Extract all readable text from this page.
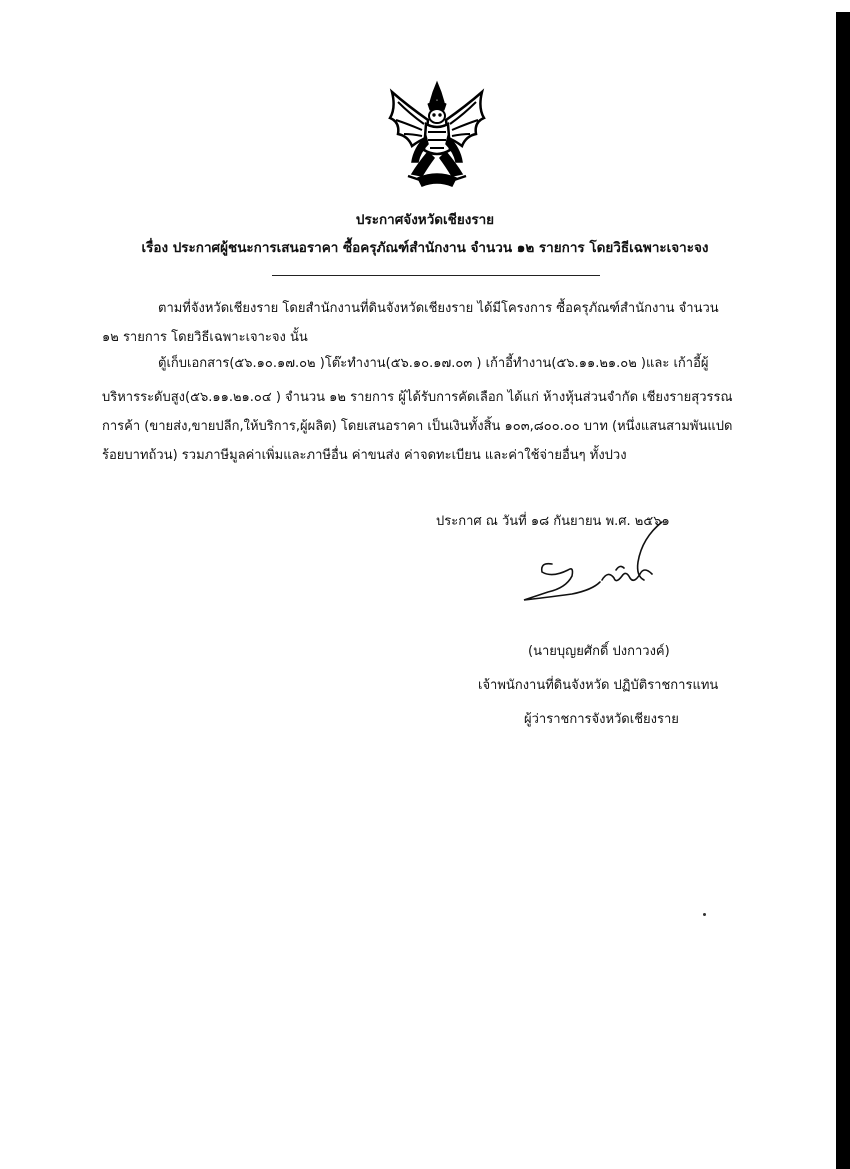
ประกาศจังหวัดเชียงราย
เรื่อง ประกาศผู้ชนะการเสนอราคา ซื้อครุภัณฑ์สำนักงาน จำนวน ๑๒ รายการ โดยวิธีเฉพาะเจาะจง
ตามที่จังหวัดเชียงราย โดยสำนักงานที่ดินจังหวัดเชียงราย ได้มีโครงการ ซื้อครุภัณฑ์สำนักงาน จำนวน
๑๒ รายการ โดยวิธีเฉพาะเจาะจง นั้น
ตู้เก็บเอกสาร(๕๖.๑๐.๑๗.๐๒ )โต๊ะทำงาน(๕๖.๑๐.๑๗.๐๓ ) เก้าอี้ทำงาน(๕๖.๑๑.๒๑.๐๒ )และ เก้าอี้ผู้
บริหารระดับสูง(๕๖.๑๑.๒๑.๐๔ ) จำนวน ๑๒ รายการ ผู้ได้รับการคัดเลือก ได้แก่ ห้างหุ้นส่วนจำกัด เชียงรายสุวรรณ
การค้า (ขายส่ง,ขายปลีก,ให้บริการ,ผู้ผลิต) โดยเสนอราคา เป็นเงินทั้งสิ้น ๑๐๓,๘๐๐.๐๐ บาท (หนึ่งแสนสามพันแปด
ร้อยบาทถ้วน) รวมภาษีมูลค่าเพิ่มและภาษีอื่น ค่าขนส่ง ค่าจดทะเบียน และค่าใช้จ่ายอื่นๆ ทั้งปวง
ประกาศ ณ วันที่ ๑๘ กันยายน พ.ศ. ๒๕๖๑
(นายบุญยศักดิ์ ปงกาวงค์)
เจ้าพนักงานที่ดินจังหวัด ปฏิบัติราชการแทน
ผู้ว่าราชการจังหวัดเชียงราย
